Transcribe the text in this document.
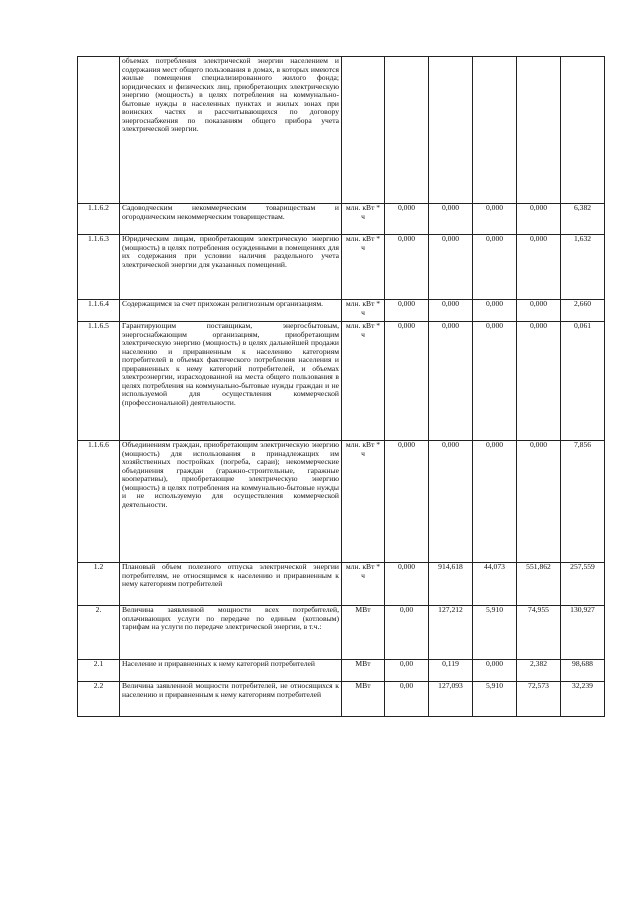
	объемах потребления электрической энергии населением и содержания мест общего пользования в домах, в которых имеются жилые помещения специализированного жилого фонда; юридических и физических лиц, приобретающих электрическую энергию (мощность) в целях потребления на коммунально-бытовые нужды в населенных пунктах и жилых зонах при воинских частях и рассчитывающихся по договору энергоснабжения по показаниям общего прибора учета электрической энергии.						
1.1.6.2	Садоводческим некоммерческим товариществам и огородническим некоммерческим товариществам.	млн. кВт * ч	0,000	0,000	0,000	0,000	6,382
1.1.6.3	Юридическим лицам, приобретающим электрическую энергию (мощность) в целях потребления осужденными в помещениях для их содержания при условии наличия раздельного учета электрической энергии для указанных помещений.	млн. кВт * ч	0,000	0,000	0,000	0,000	1,632
1.1.6.4	Содержащимся за счет прихожан религиозным организациям.	млн. кВт * ч	0,000	0,000	0,000	0,000	2,660
1.1.6.5	Гарантирующим поставщикам, энергосбытовым, энергоснабжающим организациям, приобретающим электрическую энергию (мощность) в целях дальнейшей продажи населению и приравненным к населению категориям потребителей в объемах фактического потребления населения и приравненных к нему категорий потребителей, и объемах электроэнергии, израсходованной на места общего пользования в целях потребления на коммунально-бытовые нужды граждан и не используемой для осуществления коммерческой (профессиональной) деятельности.	млн. кВт * ч	0,000	0,000	0,000	0,000	0,061
1.1.6.6	Объединениям граждан, приобретающим электрическую энергию (мощность) для использования в принадлежащих им хозяйственных постройках (погреба, сараи); некоммерческие объединения граждан (гаражно-строительные, гаражные кооперативы), приобретающие электрическую энергию (мощность) в целях потребления на коммунально-бытовые нужды и не используемую для осуществления коммерческой деятельности.	млн. кВт * ч	0,000	0,000	0,000	0,000	7,856
1.2	Плановый объем полезного отпуска электрической энергии потребителям, не относящимся к населению и приравненным к нему категориям потребителей	млн. кВт * ч	0,000	914,618	44,073	551,862	257,559
2.	Величина заявленной мощности всех потребителей, оплачивающих услуги по передаче по единым (котловым) тарифам на услуги по передаче электрической энергии, в т.ч.:	МВт	0,00	127,212	5,910	74,955	130,927
2.1	Население и приравненных к нему категорий потребителей	МВт	0,00	0,119	0,000	2,382	98,688
2.2	Величина заявленной мощности потребителей, не относящихся к населению и приравненным к нему категориям потребителей	МВт	0,00	127,093	5,910	72,573	32,239
